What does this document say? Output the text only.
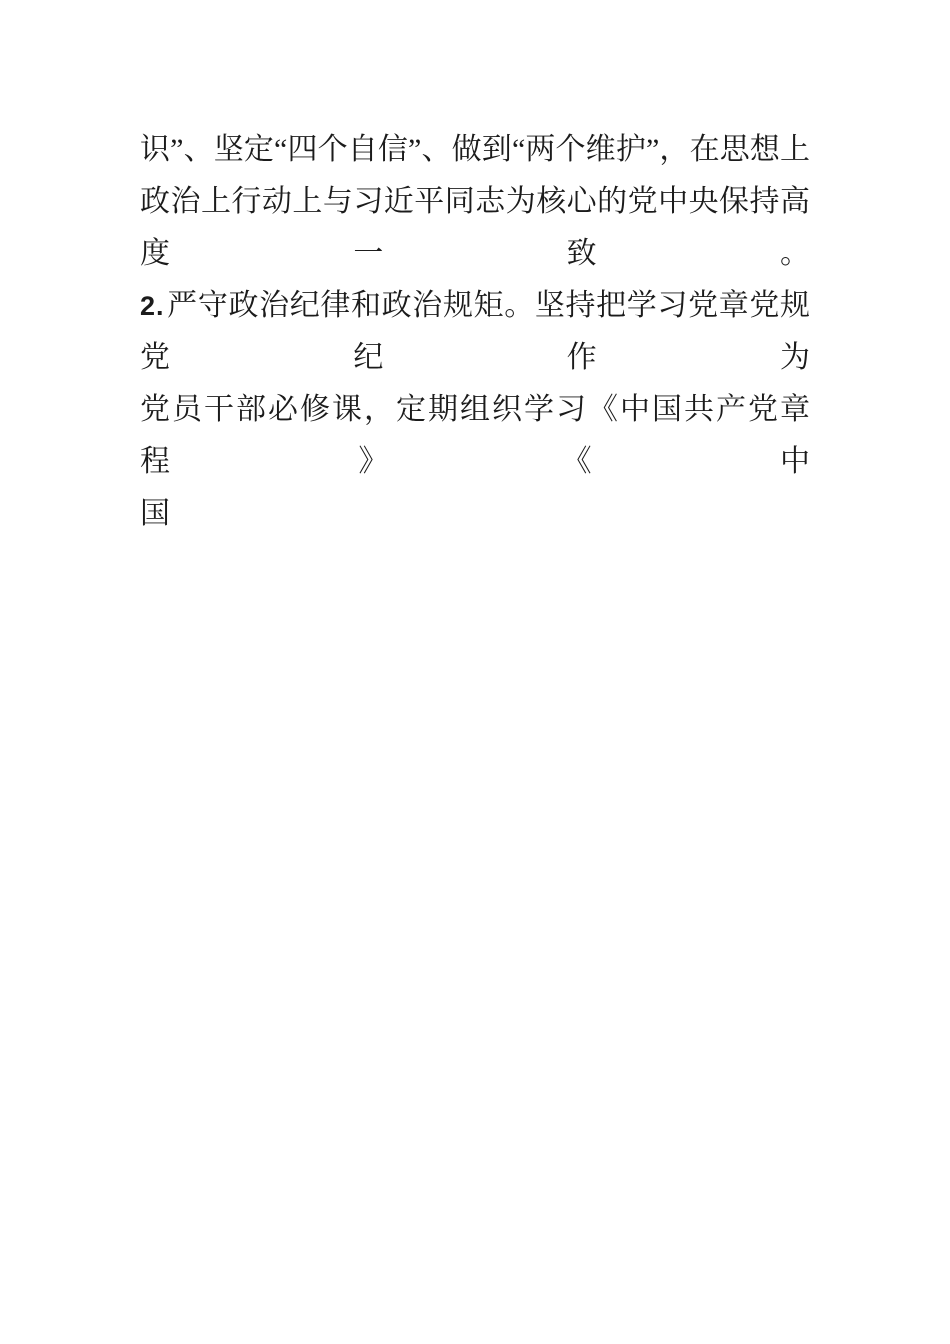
识”、坚定“四个自信”、做到“两个维护”，在思想上
政治上行动上与习近平同志为核心的党中央保持高度一致。
2.严守政治纪律和政治规矩。坚持把学习党章党规党纪作为
党员干部必修课，定期组织学习《中国共产党章程》《中
国
